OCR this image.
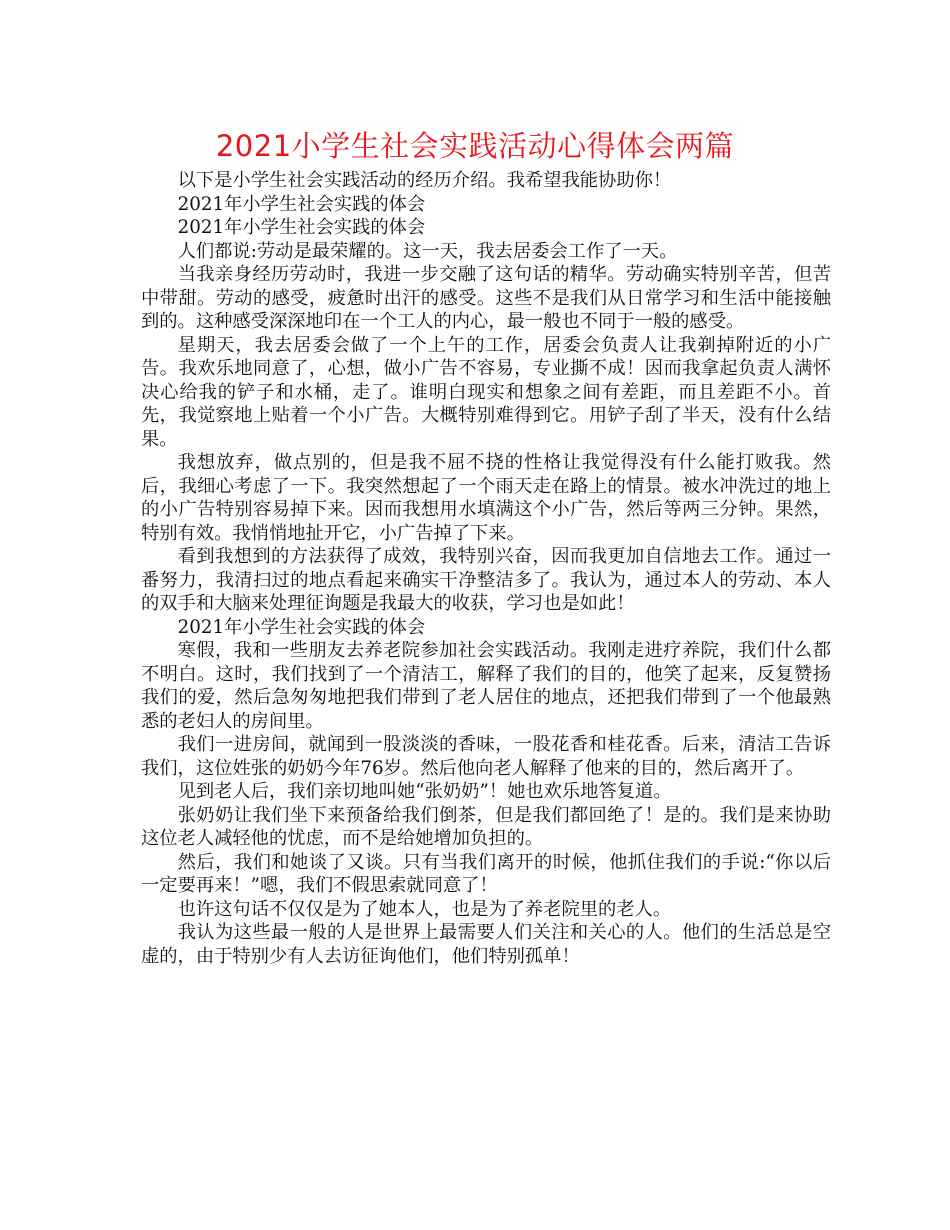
2021小学生社会实践活动心得体会两篇

以下是小学生社会实践活动的经历介绍。我希望我能协助你！

2021年小学生社会实践的体会

2021年小学生社会实践的体会

人们都说:劳动是最荣耀的。这一天，我去居委会工作了一天。

当我亲身经历劳动时，我进一步交融了这句话的精华。劳动确实特别辛苦，但苦中带甜。劳动的感受，疲惫时出汗的感受。这些不是我们从日常学习和生活中能接触到的。这种感受深深地印在一个工人的内心，最一般也不同于一般的感受。

星期天，我去居委会做了一个上午的工作，居委会负责人让我剃掉附近的小广告。我欢乐地同意了，心想，做小广告不容易，专业撕不成！因而我拿起负责人满怀决心给我的铲子和水桶，走了。谁明白现实和想象之间有差距，而且差距不小。首先，我觉察地上贴着一个小广告。大概特别难得到它。用铲子刮了半天，没有什么结果。

我想放弃，做点别的，但是我不屈不挠的性格让我觉得没有什么能打败我。然后，我细心考虑了一下。我突然想起了一个雨天走在路上的情景。被水冲洗过的地上的小广告特别容易掉下来。因而我想用水填满这个小广告，然后等两三分钟。果然，特别有效。我悄悄地扯开它，小广告掉了下来。

看到我想到的方法获得了成效，我特别兴奋，因而我更加自信地去工作。通过一番努力，我清扫过的地点看起来确实干净整洁多了。我认为，通过本人的劳动、本人的双手和大脑来处理征询题是我最大的收获，学习也是如此！

2021年小学生社会实践的体会

寒假，我和一些朋友去养老院参加社会实践活动。我刚走进疗养院，我们什么都不明白。这时，我们找到了一个清洁工，解释了我们的目的，他笑了起来，反复赞扬我们的爱，然后急匆匆地把我们带到了老人居住的地点，还把我们带到了一个他最熟悉的老妇人的房间里。

我们一进房间，就闻到一股淡淡的香味，一股花香和桂花香。后来，清洁工告诉我们，这位姓张的奶奶今年76岁。然后他向老人解释了他来的目的，然后离开了。

见到老人后，我们亲切地叫她“张奶奶”！她也欢乐地答复道。

张奶奶让我们坐下来预备给我们倒茶，但是我们都回绝了！是的。我们是来协助这位老人减轻他的忧虑，而不是给她增加负担的。

然后，我们和她谈了又谈。只有当我们离开的时候，他抓住我们的手说:“你以后一定要再来！”嗯，我们不假思索就同意了！

也许这句话不仅仅是为了她本人，也是为了养老院里的老人。

我认为这些最一般的人是世界上最需要人们关注和关心的人。他们的生活总是空虚的，由于特别少有人去访征询他们，他们特别孤单！
